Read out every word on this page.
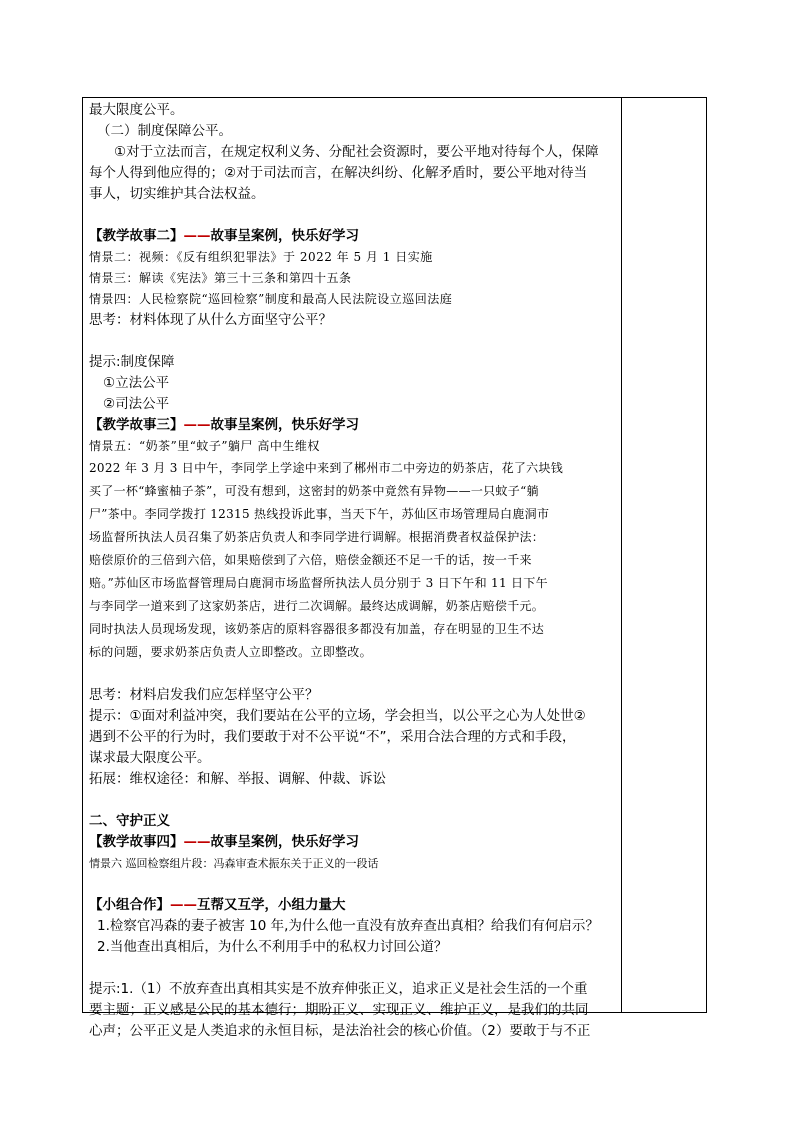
最大限度公平。
（二）制度保障公平。
①对于立法而言，在规定权利义务、分配社会资源时，要公平地对待每个人，保障
每个人得到他应得的；②对于司法而言，在解决纠纷、化解矛盾时，要公平地对待当
事人，切实维护其合法权益。
【教学故事二】——故事呈案例，快乐好学习
情景二：视频：《反有组织犯罪法》于 2022 年 5 月 1 日实施
情景三：解读《宪法》第三十三条和第四十五条
情景四：人民检察院“巡回检察”制度和最高人民法院设立巡回法庭
思考：材料体现了从什么方面坚守公平？
提示:制度保障
①立法公平
②司法公平
【教学故事三】——故事呈案例，快乐好学习
情景五：“奶茶”里“蚊子”躺尸 高中生维权
2022 年 3 月 3 日中午，李同学上学途中来到了郴州市二中旁边的奶茶店，花了六块钱
买了一杯“蜂蜜柚子茶”，可没有想到，这密封的奶茶中竟然有异物——一只蚊子“躺
尸”茶中。李同学拨打 12315 热线投诉此事，当天下午，苏仙区市场管理局白鹿洞市
场监督所执法人员召集了奶茶店负责人和李同学进行调解。根据消费者权益保护法：
赔偿原价的三倍到六倍，如果赔偿到了六倍，赔偿金额还不足一千的话，按一千来
赔。”苏仙区市场监督管理局白鹿洞市场监督所执法人员分别于 3 日下午和 11 日下午
与李同学一道来到了这家奶茶店，进行二次调解。最终达成调解，奶茶店赔偿千元。
同时执法人员现场发现，该奶茶店的原料容器很多都没有加盖，存在明显的卫生不达
标的问题，要求奶茶店负责人立即整改。立即整改。
思考：材料启发我们应怎样坚守公平？
提示：①面对利益冲突，我们要站在公平的立场，学会担当，以公平之心为人处世②
遇到不公平的行为时，我们要敢于对不公平说“不”，采用合法合理的方式和手段，
谋求最大限度公平。
拓展：维权途径：和解、举报、调解、仲裁、诉讼
二、守护正义
【教学故事四】——故事呈案例，快乐好学习
情景六 巡回检察组片段：冯森审查术振东关于正义的一段话
【小组合作】——互帮又互学，小组力量大
1.检察官冯森的妻子被害 10 年,为什么他一直没有放弃查出真相？给我们有何启示？
2.当他查出真相后，为什么不利用手中的私权力讨回公道？
提示:1.（1）不放弃查出真相其实是不放弃伸张正义，追求正义是社会生活的一个重
要主题；正义感是公民的基本德行；期盼正义、实现正义、维护正义，是我们的共同
心声；公平正义是人类追求的永恒目标，是法治社会的核心价值。（2）要敢于与不正
